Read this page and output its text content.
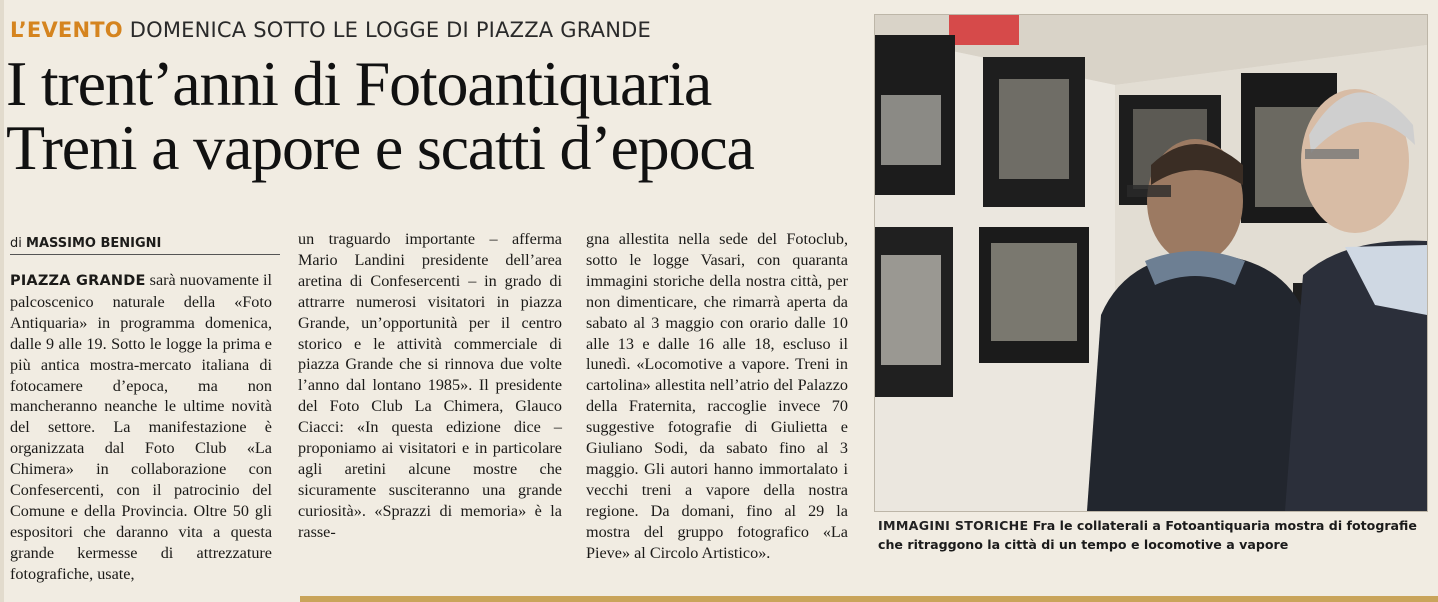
L’EVENTO DOMENICA SOTTO LE LOGGE DI PIAZZA GRANDE
I trent’anni di Fotoantiquaria
Treni a vapore e scatti d’epoca
di MASSIMO BENIGNI
PIAZZA GRANDE sarà nuovamente il palcoscenico naturale della «Foto Antiquaria» in programma domenica, dalle 9 alle 19. Sotto le logge la prima e più antica mostra-mercato italiana di fotocamere d’epoca, ma non mancheranno neanche le ultime novità del settore. La manifestazione è organizzata dal Foto Club «La Chimera» in collaborazione con Confesercenti, con il patrocinio del Comune e della Provincia. Oltre 50 gli espositori che daranno vita a questa grande kermesse di attrezzature fotografiche, usate,
un traguardo importante – afferma Mario Landini presidente dell’area aretina di Confesercenti – in grado di attrarre numerosi visitatori in piazza Grande, un’opportunità per il centro storico e le attività commerciale di piazza Grande che si rinnova due volte l’anno dal lontano 1985». Il presidente del Foto Club La Chimera, Glauco Ciacci: «In questa edizione dice – proponiamo ai visitatori e in particolare agli aretini alcune mostre che sicuramente susciteranno una grande curiosità». «Sprazzi di memoria» è la rasse-
gna allestita nella sede del Fotoclub, sotto le logge Vasari, con quaranta immagini storiche della nostra città, per non dimenticare, che rimarrà aperta da sabato al 3 maggio con orario dalle 10 alle 13 e dalle 16 alle 18, escluso il lunedì. «Locomotive a vapore. Treni in cartolina» allestita nell’atrio del Palazzo della Fraternita, raccoglie invece 70 suggestive fotografie di Giulietta e Giuliano Sodi, da sabato fino al 3 maggio. Gli autori hanno immortalato i vecchi treni a vapore della nostra regione. Da domani, fino al 29 la mostra del gruppo fotografico «La Pieve» al Circolo Artistico».
IMMAGINI STORICHE Fra le collaterali a Fotoantiquaria mostra di fotografie che ritraggono la città di un tempo e locomotive a vapore
